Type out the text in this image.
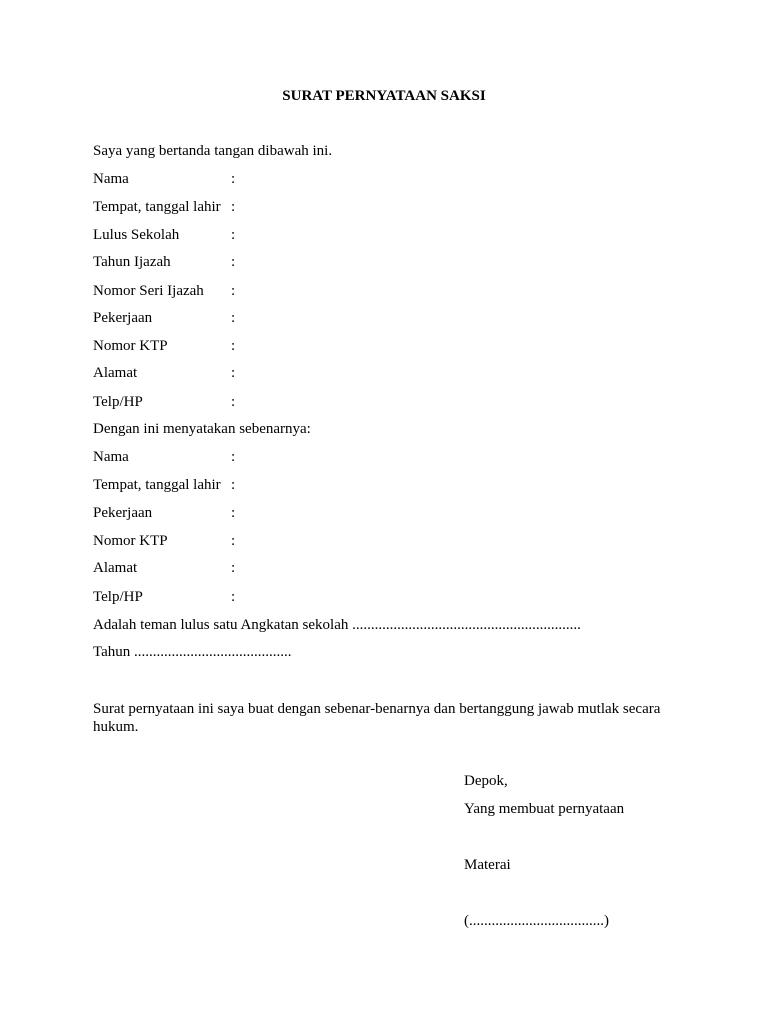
SURAT PERNYATAAN SAKSI
Saya yang bertanda tangan dibawah ini.
Nama	:
Tempat, tanggal lahir :
Lulus Sekolah	:
Tahun Ijazah	:
Nomor Seri Ijazah :
Pekerjaan	:
Nomor KTP	:
Alamat	:
Telp/HP	:
Dengan ini menyatakan sebenarnya:
Nama	:
Tempat, tanggal lahir :
Pekerjaan	:
Nomor KTP	:
Alamat	:
Telp/HP	:
Adalah teman lulus satu Angkatan sekolah .............................................................
Tahun ..........................................
Surat pernyataan ini saya buat dengan sebenar-benarnya dan bertanggung jawab mutlak secara hukum.
Depok,
Yang membuat pernyataan
Materai
(....................................)
